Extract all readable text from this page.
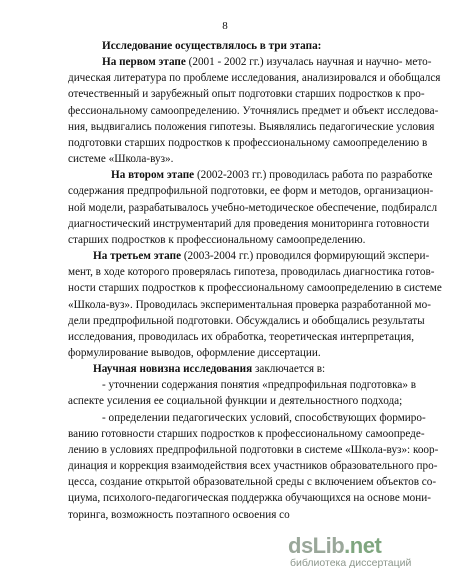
8
Исследование осуществлялось в три этапа:
На первом этапе (2001 - 2002 гг.) изучалась научная и научно- мето-
дическая литература по проблеме исследования, анализировался и обобщался
отечественный и зарубежный опыт подготовки старших подростков к про-
фессиональному самоопределению. Уточнялись предмет и объект исследова-
ния, выдвигались положения гипотезы. Выявлялись педагогические условия
подготовки старших подростков к профессиональному самоопределению в
системе «Школа-вуз».
На втором этапе (2002-2003 гг.) проводилась работа по разработке
содержания предпрофильной подготовки, ее форм и методов, организацион-
ной модели, разрабатывалось учебно-методическое обеспечение, подбиралсл
диагностический инструментарий для проведения мониторинга готовности
старших подростков к профессиональному самоопределению.
На третьем этапе (2003-2004 гг.) проводился формирующий экспери-
мент, в ходе которого проверялась гипотеза, проводилась диагностика готов-
ности старших подростков к профессиональному самоопределению в системе
«Школа-вуз». Проводилась экспериментальная проверка разработанной мо-
дели предпрофильной подготовки. Обсуждались и обобщались результаты
исследования, проводилась их обработка, теоретическая интерпретация,
формулирование выводов, оформление диссертации.
Научная новизна исследования заключается в:
- уточнении содержания понятия «предпрофильная подготовка» в
аспекте усиления ее социальной функции и деятельностного подхода;
- определении педагогических условий, способствующих формиро-
ванию готовности старших подростков к профессиональному самоопреде-
лению в условиях предпрофильной подготовки в системе «Школа-вуз»: коор-
динация и коррекция взаимодействия всех участников образовательного про-
цесса, создание открытой образовательной среды с включением объектов со-
циума, психолого-педагогическая поддержка обучающихся на основе мони-
торинга, возможность поэтапного освоения со
dsLib.net
библиотека диссертаций
